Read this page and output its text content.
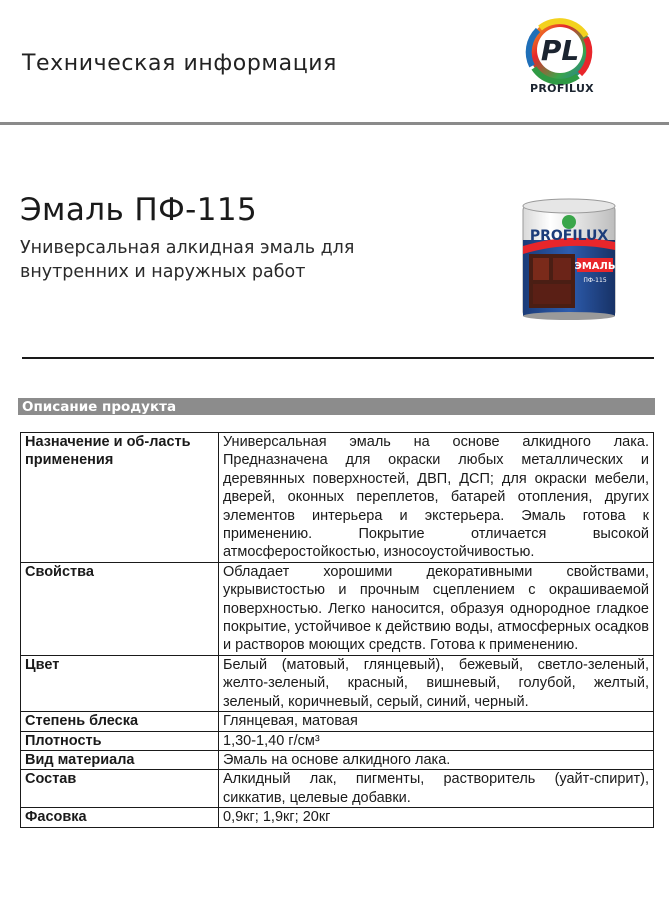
Техническая информация	PL
PROFILUX
Эмаль ПФ-115
Универсальная алкидная эмаль для внутренних и наружных работ
PROFILUX
ЭМАЛЬ
ПФ-115
Описание продукта
Назначение и об-ласть применения	Универсальная эмаль на основе алкидного лака. Предназначена для окраски любых металлических и деревянных поверхностей, ДВП, ДСП; для окраски мебели, дверей, оконных переплетов, батарей отопления, других элементов интерьера и экстерьера. Эмаль готова к применению. Покрытие отличается высокой атмосферостойкостью, износоустойчивостью.
Свойства	Обладает хорошими декоративными свойствами, укрывистостью и прочным сцеплением с окрашиваемой поверхностью. Легко наносится, образуя однородное гладкое покрытие, устойчивое к действию воды, атмосферных осадков и растворов моющих средств. Готова к применению.
Цвет	Белый (матовый, глянцевый), бежевый, светло-зеленый, желто-зеленый, красный, вишневый, голубой, желтый, зеленый, коричневый, серый, синий, черный.
Степень блеска	Глянцевая, матовая
Плотность	1,30-1,40 г/см³
Вид материала	Эмаль на основе алкидного лака.
Состав	Алкидный лак, пигменты, растворитель (уайт-спирит), сиккатив, целевые добавки.
Фасовка	0,9кг; 1,9кг; 20кг
